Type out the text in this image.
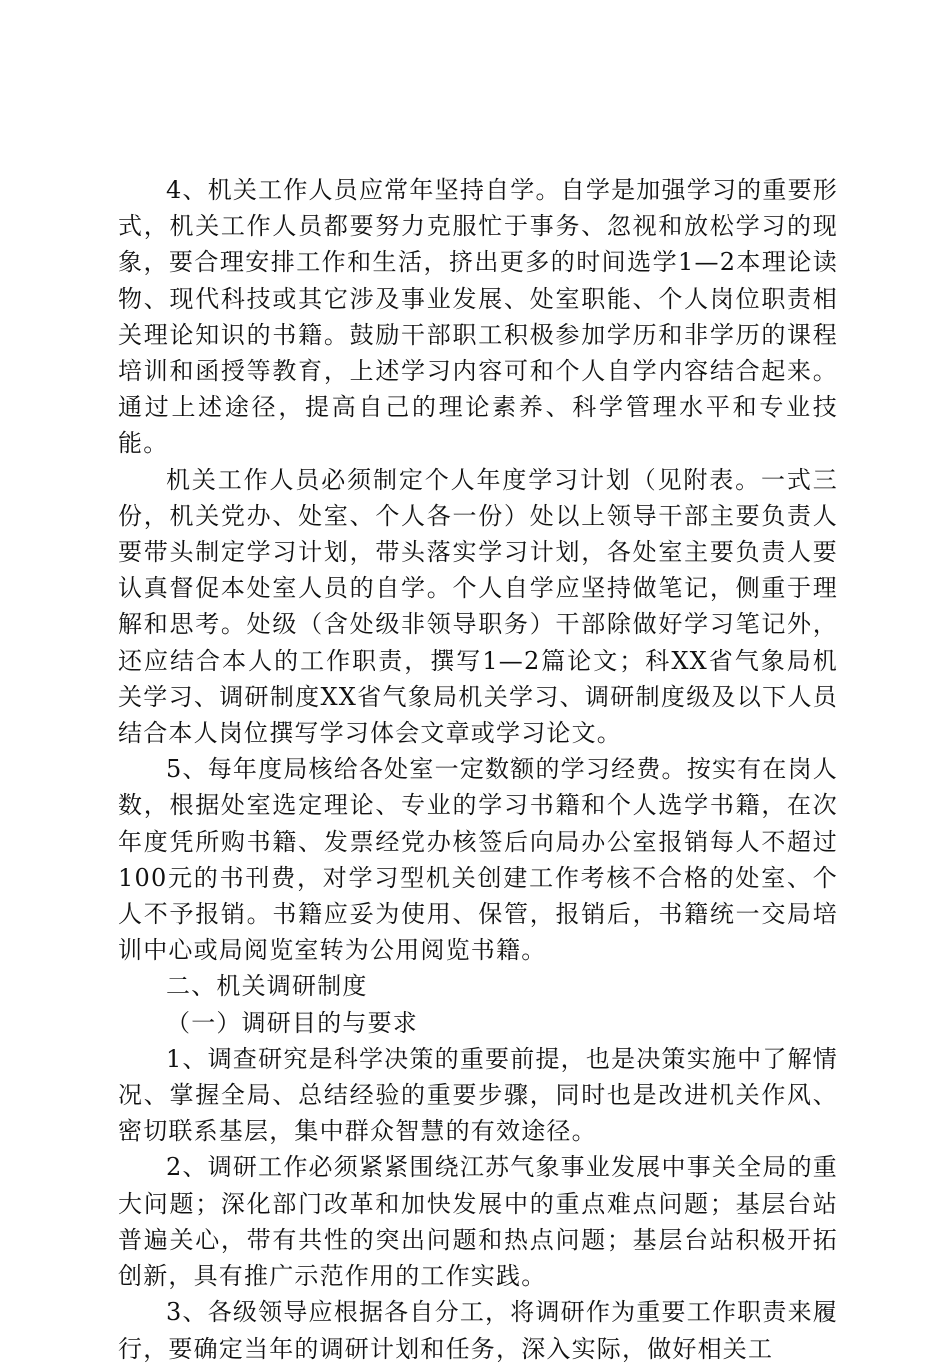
4、机关工作人员应常年坚持自学。自学是加强学习的重要形式，机关工作人员都要努力克服忙于事务、忽视和放松学习的现象，要合理安排工作和生活，挤出更多的时间选学1—2本理论读物、现代科技或其它涉及事业发展、处室职能、个人岗位职责相关理论知识的书籍。鼓励干部职工积极参加学历和非学历的课程培训和函授等教育，上述学习内容可和个人自学内容结合起来。通过上述途径，提高自己的理论素养、科学管理水平和专业技能。

机关工作人员必须制定个人年度学习计划（见附表。一式三份，机关党办、处室、个人各一份）处以上领导干部主要负责人要带头制定学习计划，带头落实学习计划，各处室主要负责人要认真督促本处室人员的自学。个人自学应坚持做笔记，侧重于理解和思考。处级（含处级非领导职务）干部除做好学习笔记外，还应结合本人的工作职责，撰写1—2篇论文；科XX省气象局机关学习、调研制度XX省气象局机关学习、调研制度级及以下人员结合本人岗位撰写学习体会文章或学习论文。

5、每年度局核给各处室一定数额的学习经费。按实有在岗人数，根据处室选定理论、专业的学习书籍和个人选学书籍，在次年度凭所购书籍、发票经党办核签后向局办公室报销每人不超过100元的书刊费，对学习型机关创建工作考核不合格的处室、个人不予报销。书籍应妥为使用、保管，报销后，书籍统一交局培训中心或局阅览室转为公用阅览书籍。

二、机关调研制度

（一）调研目的与要求

1、调查研究是科学决策的重要前提，也是决策实施中了解情况、掌握全局、总结经验的重要步骤，同时也是改进机关作风、密切联系基层，集中群众智慧的有效途径。

2、调研工作必须紧紧围绕江苏气象事业发展中事关全局的重大问题；深化部门改革和加快发展中的重点难点问题；基层台站普遍关心，带有共性的突出问题和热点问题；基层台站积极开拓创新，具有推广示范作用的工作实践。

3、各级领导应根据各自分工，将调研作为重要工作职责来履行，要确定当年的调研计划和任务，深入实际，做好相关工
